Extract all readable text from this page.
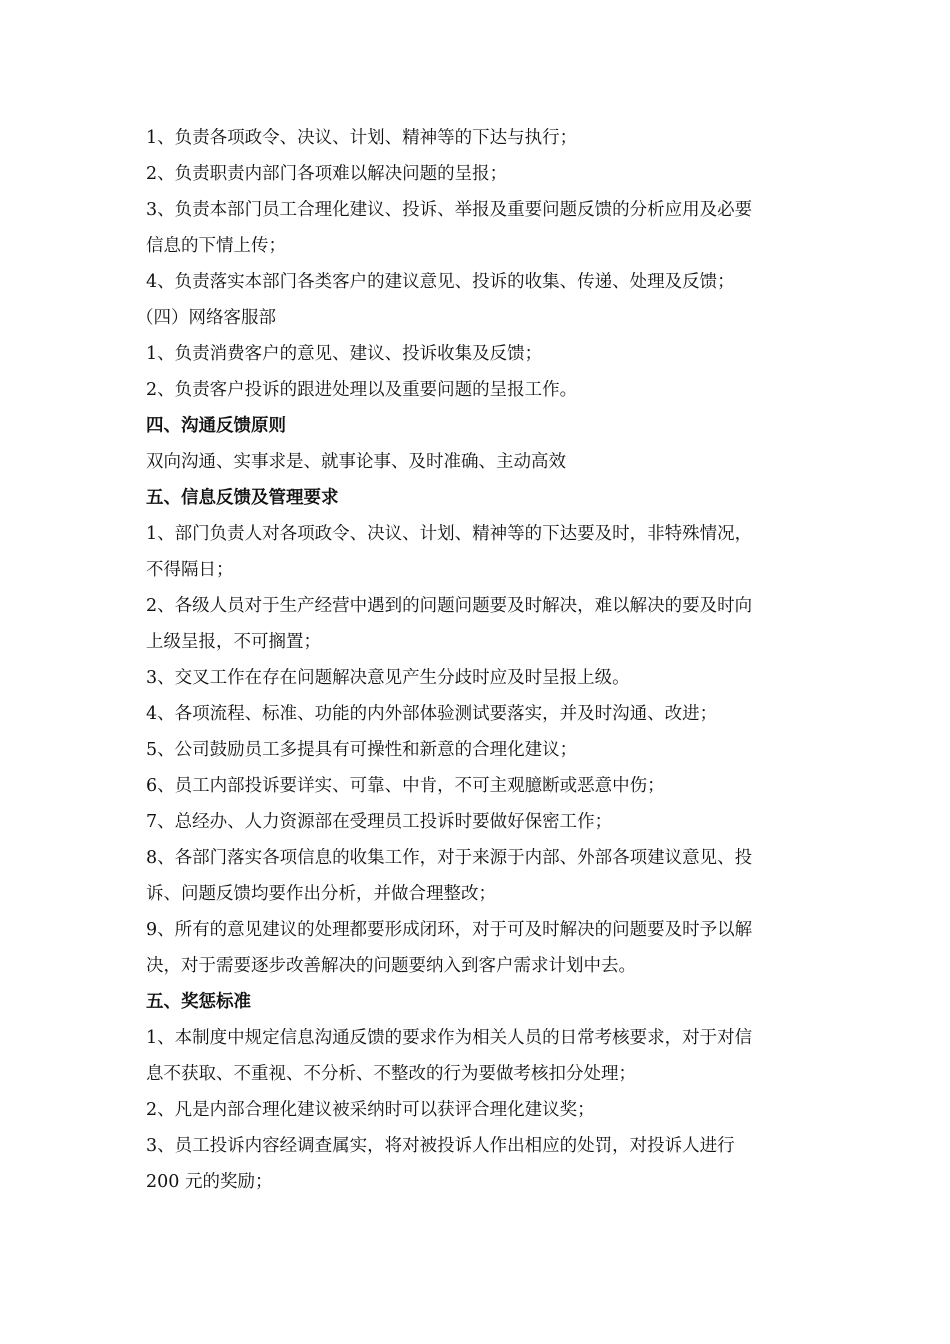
1、负责各项政令、决议、计划、精神等的下达与执行；
2、负责职责内部门各项难以解决问题的呈报；
3、负责本部门员工合理化建议、投诉、举报及重要问题反馈的分析应用及必要
信息的下情上传；
4、负责落实本部门各类客户的建议意见、投诉的收集、传递、处理及反馈；
（四）网络客服部
1、负责消费客户的意见、建议、投诉收集及反馈；
2、负责客户投诉的跟进处理以及重要问题的呈报工作。
四、沟通反馈原则
双向沟通、实事求是、就事论事、及时准确、主动高效
五、信息反馈及管理要求
1、部门负责人对各项政令、决议、计划、精神等的下达要及时，非特殊情况，
不得隔日；
2、各级人员对于生产经营中遇到的问题问题要及时解决，难以解决的要及时向
上级呈报，不可搁置；
3、交叉工作在存在问题解决意见产生分歧时应及时呈报上级。
4、各项流程、标准、功能的内外部体验测试要落实，并及时沟通、改进；
5、公司鼓励员工多提具有可操性和新意的合理化建议；
6、员工内部投诉要详实、可靠、中肯，不可主观臆断或恶意中伤；
7、总经办、人力资源部在受理员工投诉时要做好保密工作；
8、各部门落实各项信息的收集工作，对于来源于内部、外部各项建议意见、投
诉、问题反馈均要作出分析，并做合理整改；
9、所有的意见建议的处理都要形成闭环，对于可及时解决的问题要及时予以解
决，对于需要逐步改善解决的问题要纳入到客户需求计划中去。
五、奖惩标准
1、本制度中规定信息沟通反馈的要求作为相关人员的日常考核要求，对于对信
息不获取、不重视、不分析、不整改的行为要做考核扣分处理；
2、凡是内部合理化建议被采纳时可以获评合理化建议奖；
3、员工投诉内容经调查属实，将对被投诉人作出相应的处罚，对投诉人进行
200 元的奖励；
